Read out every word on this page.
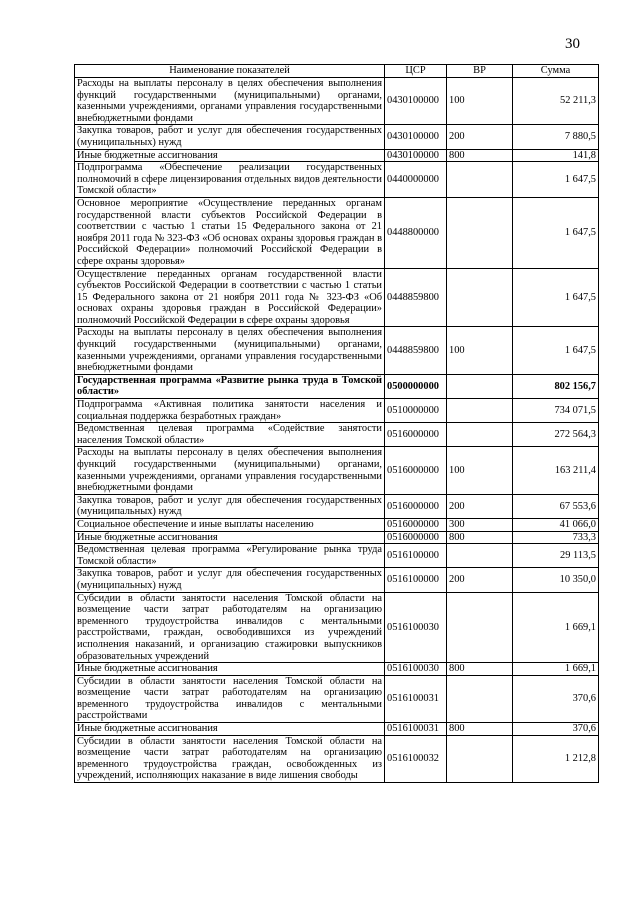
30
Наименование показателей	ЦСР	ВР	Сумма
Расходы на выплаты персоналу в целях обеспечения выполнения функций государственными (муниципальными) органами, казенными учреждениями, органами управления государственными внебюджетными фондами	0430100000	100	52 211,3
Закупка товаров, работ и услуг для обеспечения государственных (муниципальных) нужд	0430100000	200	7 880,5
Иные бюджетные ассигнования	0430100000	800	141,8
Подпрограмма «Обеспечение реализации государственных полномочий в сфере лицензирования отдельных видов деятельности Томской области»	0440000000		1 647,5
Основное мероприятие «Осуществление переданных органам государственной власти субъектов Российской Федерации в соответствии с частью 1 статьи 15 Федерального закона от 21 ноября 2011 года № 323-ФЗ «Об основах охраны здоровья граждан в Российской Федерации» полномочий Российской Федерации в сфере охраны здоровья»	0448800000		1 647,5
Осуществление переданных органам государственной власти субъектов Российской Федерации в соответствии с частью 1 статьи 15 Федерального закона от 21 ноября 2011 года № 323-ФЗ «Об основах охраны здоровья граждан в Российской Федерации» полномочий Российской Федерации в сфере охраны здоровья	0448859800		1 647,5
Расходы на выплаты персоналу в целях обеспечения выполнения функций государственными (муниципальными) органами, казенными учреждениями, органами управления государственными внебюджетными фондами	0448859800	100	1 647,5
Государственная программа «Развитие рынка труда в Томской области»	0500000000		802 156,7
Подпрограмма «Активная политика занятости населения и социальная поддержка безработных граждан»	0510000000		734 071,5
Ведомственная целевая программа «Содействие занятости населения Томской области»	0516000000		272 564,3
Расходы на выплаты персоналу в целях обеспечения выполнения функций государственными (муниципальными) органами, казенными учреждениями, органами управления государственными внебюджетными фондами	0516000000	100	163 211,4
Закупка товаров, работ и услуг для обеспечения государственных (муниципальных) нужд	0516000000	200	67 553,6
Социальное обеспечение и иные выплаты населению	0516000000	300	41 066,0
Иные бюджетные ассигнования	0516000000	800	733,3
Ведомственная целевая программа «Регулирование рынка труда Томской области»	0516100000		29 113,5
Закупка товаров, работ и услуг для обеспечения государственных (муниципальных) нужд	0516100000	200	10 350,0
Субсидии в области занятости населения Томской области на возмещение части затрат работодателям на организацию временного трудоустройства инвалидов с ментальными расстройствами, граждан, освободившихся из учреждений исполнения наказаний, и организацию стажировки выпускников образовательных учреждений	0516100030		1 669,1
Иные бюджетные ассигнования	0516100030	800	1 669,1
Субсидии в области занятости населения Томской области на возмещение части затрат работодателям на организацию временного трудоустройства инвалидов с ментальными расстройствами	0516100031		370,6
Иные бюджетные ассигнования	0516100031	800	370,6
Субсидии в области занятости населения Томской области на возмещение части затрат работодателям на организацию временного трудоустройства граждан, освобожденных из учреждений, исполняющих наказание в виде лишения свободы	0516100032		1 212,8
